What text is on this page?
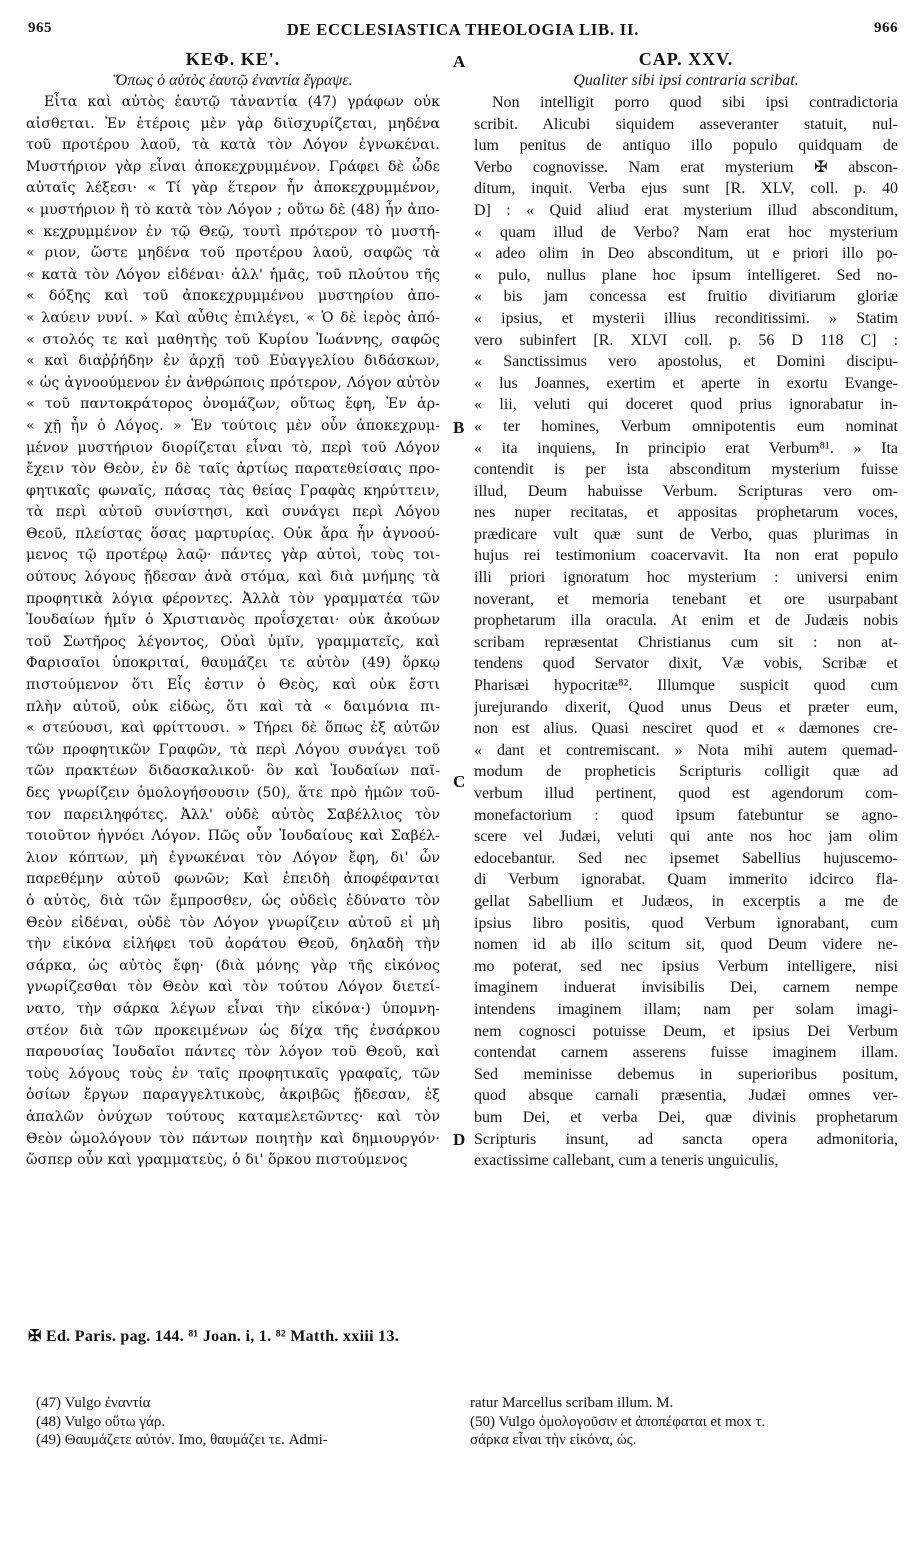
965	DE ECCLESIASTICA THEOLOGIA LIB. II.	966
ΚΕΦ. ΚΕ'.
Ὅπως ὁ αὐτὸς ἑαυτῷ ἐναντία ἔγραψε.
Εἶτα καὶ αὐτὸς ἑαυτῷ τἀναντία (47) γράφων οὐκ
αἰσθεται. Ἐν ἑτέροις μὲν γὰρ διϊσχυρίζεται, μηδένα
τοῦ προτέρου λαοῦ, τὰ κατὰ τὸν Λόγον ἐγνωκέναι.
Μυστήριον γὰρ εἶναι ἀποκεχρυμμένον. Γράφει δὲ ὧδε
αὐταῖς λέξεσι· « Τί γὰρ ἕτερον ἦν ἀποκεχρυμμένον,
« μυστήριον ἢ τὸ κατὰ τὸν Λόγον ; οὕτω δὲ (48) ἦν ἀπο-
« κεχρυμμένον ἐν τῷ Θεῷ, τουτὶ πρότερον τὸ μυστή-
« ριον, ὥστε μηδένα τοῦ προτέρου λαοῦ, σαφῶς τὰ
« κατὰ τὸν Λόγον εἰδέναι· ἀλλ' ἡμᾶς, τοῦ πλούτου τῆς
« δόξης καὶ τοῦ ἀποκεχρυμμένου μυστηρίου ἀπο-
« λαύειν νυνί. » Καὶ αὖθις ἐπιλέγει, « Ὁ δὲ ἱερὸς ἀπό-
« στολός τε καὶ μαθητὴς τοῦ Κυρίου Ἰωάννης, σαφῶς
« καὶ διαῤῥήδην ἐν ἀρχῇ τοῦ Εὐαγγελίου διδάσκων,
« ὡς ἀγνοούμενον ἐν ἀνθρώποις πρότερον, Λόγον αὐτὸν
« τοῦ παντοκράτορος ὀνομάζων, οὕτως ἔφη, Ἐν ἀρ-
« χῇ ἦν ὁ Λόγος. » Ἐν τούτοις μὲν οὖν ἀποκεχρυμ-
μένον μυστήριον διορίζεται εἶναι τὸ, περὶ τοῦ Λόγον
ἔχειν τὸν Θεὸν, ἐν δὲ ταῖς ἀρτίως παρατεθείσαις προ-
φητικαῖς φωναῖς, πάσας τὰς θείας Γραφὰς κηρύττειν,
τὰ περὶ αὐτοῦ συνίστησι, καὶ συνάγει περὶ Λόγου
Θεοῦ, πλείστας ὅσας μαρτυρίας. Οὐκ ἄρα ἦν ἀγνοού-
μενος τῷ προτέρῳ λαῷ· πάντες γὰρ αὐτοὶ, τοὺς τοι-
ούτους λόγους ᾔδεσαν ἀνὰ στόμα, καὶ διὰ μνήμης τὰ
προφητικὰ λόγια φέροντες. Ἀλλὰ τὸν γραμματέα τῶν
Ἰουδαίων ἡμῖν ὁ Χριστιανὸς προΐσχεται· οὐκ ἀκούων
τοῦ Σωτῆρος λέγοντος, Οὐαὶ ὑμῖν, γραμματεῖς, καὶ
Φαρισαῖοι ὑποκριταί, θαυμάζει τε αὐτὸν (49) ὅρκῳ
πιστούμενον ὅτι Εἷς ἐστιν ὁ Θεὸς, καὶ οὐκ ἔστι
πλὴν αὐτοῦ, οὐκ εἰδὼς, ὅτι καὶ τὰ « δαιμόνια πι-
« στεύουσι, καὶ φρίττουσι. » Τήρει δὲ ὅπως ἐξ αὐτῶν
τῶν προφητικῶν Γραφῶν, τὰ περὶ Λόγου συνάγει τοῦ
τῶν πρακτέων διδασκαλικοῦ· ὃν καὶ Ἰουδαίων παῖ-
δες γνωρίζειν ὁμολογήσουσιν (50), ἅτε πρὸ ἡμῶν τοῦ-
τον παρειληφότες. Ἀλλ' οὐδὲ αὐτὸς Σαβέλλιος τὸν
τοιοῦτον ἠγνόει Λόγον. Πῶς οὖν Ἰουδαίους καὶ Σαβέλ-
λιον κόπτων, μὴ ἐγνωκέναι τὸν Λόγον ἔφη, δι' ὧν
παρεθέμην αὐτοῦ φωνῶν; Καὶ ἐπειδὴ ἀποφέφανται
ὁ αὐτὸς, διὰ τῶν ἔμπροσθεν, ὡς οὐδεὶς ἐδύνατο τὸν
Θεὸν εἰδέναι, οὐδὲ τὸν Λόγον γνωρίζειν αὐτοῦ εἰ μὴ
τὴν εἰκόνα εἰλήφει τοῦ ἀοράτου Θεοῦ, δηλαδὴ τὴν
σάρκα, ὡς αὐτὸς ἔφη· (διὰ μόνης γὰρ τῆς εἰκόνος
γνωρίζεσθαι τὸν Θεὸν καὶ τὸν τούτου Λόγον διετεί-
νατο, τὴν σάρκα λέγων εἶναι τὴν εἰκόνα·) ὑπομνη-
στέον διὰ τῶν προκειμένων ὡς δίχα τῆς ἐνσάρκου
παρουσίας Ἰουδαῖοι πάντες τὸν λόγον τοῦ Θεοῦ, καὶ
τοὺς λόγους τοὺς ἐν ταῖς προφητικαῖς γραφαῖς, τῶν
ὁσίων ἔργων παραγγελτικοὺς, ἀκριβῶς ᾔδεσαν, ἐξ
ἁπαλῶν ὀνύχων τούτους καταμελετῶντες· καὶ τὸν
Θεὸν ὡμολόγουν τὸν πάντων ποιητὴν καὶ δημιουργόν·
ὥσπερ οὖν καὶ γραμματεὺς, ὁ δι' ὅρκου πιστούμενος
A
B
C
D
CAP. XXV.
Qualiter sibi ipsi contraria scribat.
Non intelligit porro quod sibi ipsi contradictoria
scribit. Alicubi siquidem asseveranter statuit, nul-
lum penitus de antiquo illo populo quidquam de
Verbo cognovisse. Nam erat mysterium ✠ abscon-
ditum, inquit. Verba ejus sunt [R. XLV, coll. p. 40
D] : « Quid aliud erat mysterium illud absconditum,
« quam illud de Verbo? Nam erat hoc mysterium
« adeo olim in Deo absconditum, ut e priori illo po-
« pulo, nullus plane hoc ipsum intelligeret. Sed no-
« bis jam concessa est fruitio divitiarum gloriæ
« ipsius, et mysterii illius reconditissimi. » Statim
vero subinfert [R. XLVI coll. p. 56 D 118 C] :
« Sanctissimus vero apostolus, et Domini discipu-
« lus Joannes, exertim et aperte in exortu Evange-
« lii, veluti qui doceret quod prius ignorabatur in-
« ter homines, Verbum omnipotentis eum nominat
« ita inquiens, In principio erat Verbum⁸¹. » Ita
contendit is per ista absconditum mysterium fuisse
illud, Deum habuisse Verbum. Scripturas vero om-
nes nuper recitatas, et appositas prophetarum voces,
prædicare vult quæ sunt de Verbo, quas plurimas in
hujus rei testimonium coacervavit. Ita non erat populo
illi priori ignoratum hoc mysterium : universi enim
noverant, et memoria tenebant et ore usurpabant
prophetarum illa oracula. At enim et de Judæis nobis
scribam repræsentat Christianus cum sit : non at-
tendens quod Servator dixit, Væ vobis, Scribæ et
Pharisæi hypocritæ⁸². Illumque suspicit quod cum
jurejurando dixerit, Quod unus Deus et præter eum,
non est alius. Quasi nesciret quod et « dæmones cre-
« dant et contremiscant. » Nota mihi autem quemad-
modum de propheticis Scripturis colligit quæ ad
verbum illud pertinent, quod est agendorum com-
monefactorium : quod ipsum fatebuntur se agno-
scere vel Judæi, veluti qui ante nos hoc jam olim
edocebantur. Sed nec ipsemet Sabellius hujuscemo-
di Verbum ignorabat. Quam immerito idcirco fla-
gellat Sabellium et Judæos, in excerptis a me de
ipsius libro positis, quod Verbum ignorabant, cum
nomen id ab illo scitum sit, quod Deum videre ne-
mo poterat, sed nec ipsius Verbum intelligere, nisi
imaginem induerat invisibilis Dei, carnem nempe
intendens imaginem illam; nam per solam imagi-
nem cognosci potuisse Deum, et ipsius Dei Verbum
contendat carnem asserens fuisse imaginem illam.
Sed meminisse debemus in superioribus positum,
quod absque carnali præsentia, Judæi omnes ver-
bum Dei, et verba Dei, quæ divinis prophetarum
Scripturis insunt, ad sancta opera admonitoria,
exactissime callebant, cum a teneris unguiculis,
✠ Ed. Paris. pag. 144. ⁸¹ Joan. i, 1. ⁸² Matth. xxiii 13.
(47) Vulgo ἐναντία
(48) Vulgo οὕτω γάρ.
(49) Θαυμάζετε αὐτόν. Imo, θαυμάζει τε. Admi-
ratur Marcellus scribam illum. M.
(50) Vulgo ὁμολογοῦσιν et ἀποπέφαται et mox τ.
σάρκα εἶναι τὴν εἰκόνα, ὡς.
